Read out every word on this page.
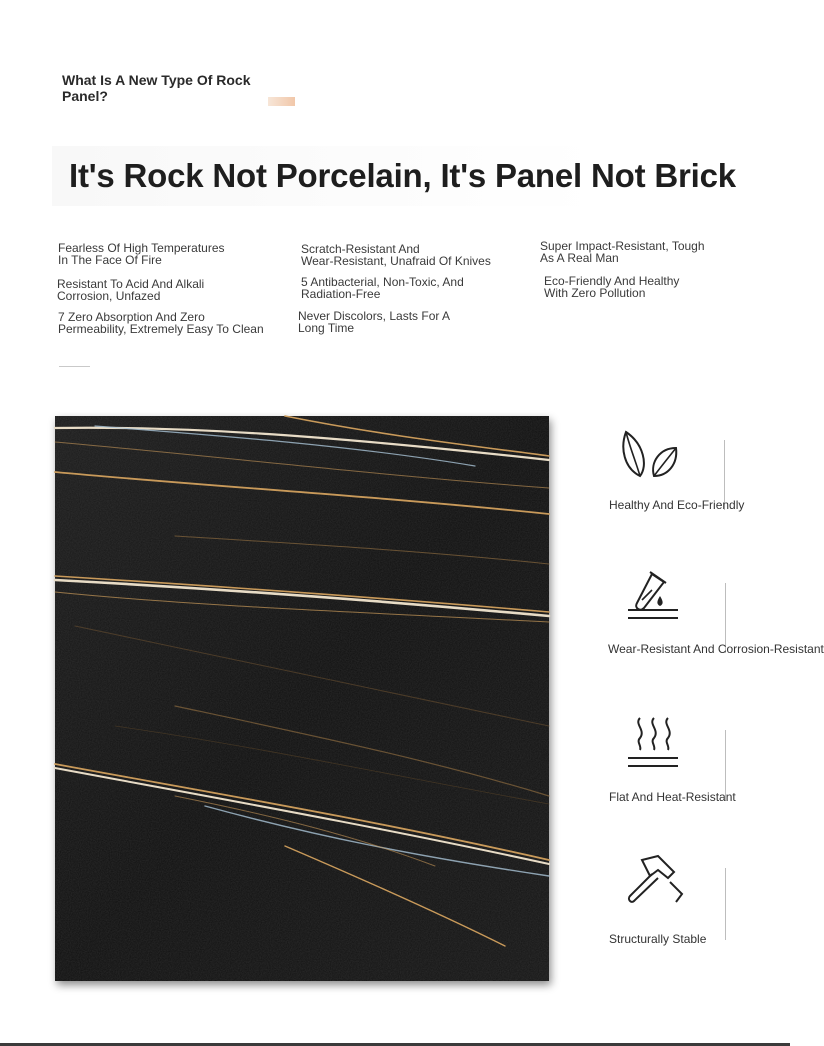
What Is A New Type Of Rock Panel?
It's Rock Not Porcelain, It's Panel Not Brick
Fearless Of High Temperatures
In The Face Of Fire
Scratch-Resistant And
Wear-Resistant, Unafraid Of Knives
Super Impact-Resistant, Tough
As A Real Man
Resistant To Acid And Alkali
Corrosion, Unfazed
5 Antibacterial, Non-Toxic, And
Radiation-Free
Eco-Friendly And Healthy
With Zero Pollution
7 Zero Absorption And Zero
Permeability, Extremely Easy To Clean
Never Discolors, Lasts For A
Long Time
Healthy And Eco-Friendly
Wear-Resistant And Corrosion-Resistant
Flat And Heat-Resistant
Structurally Stable
